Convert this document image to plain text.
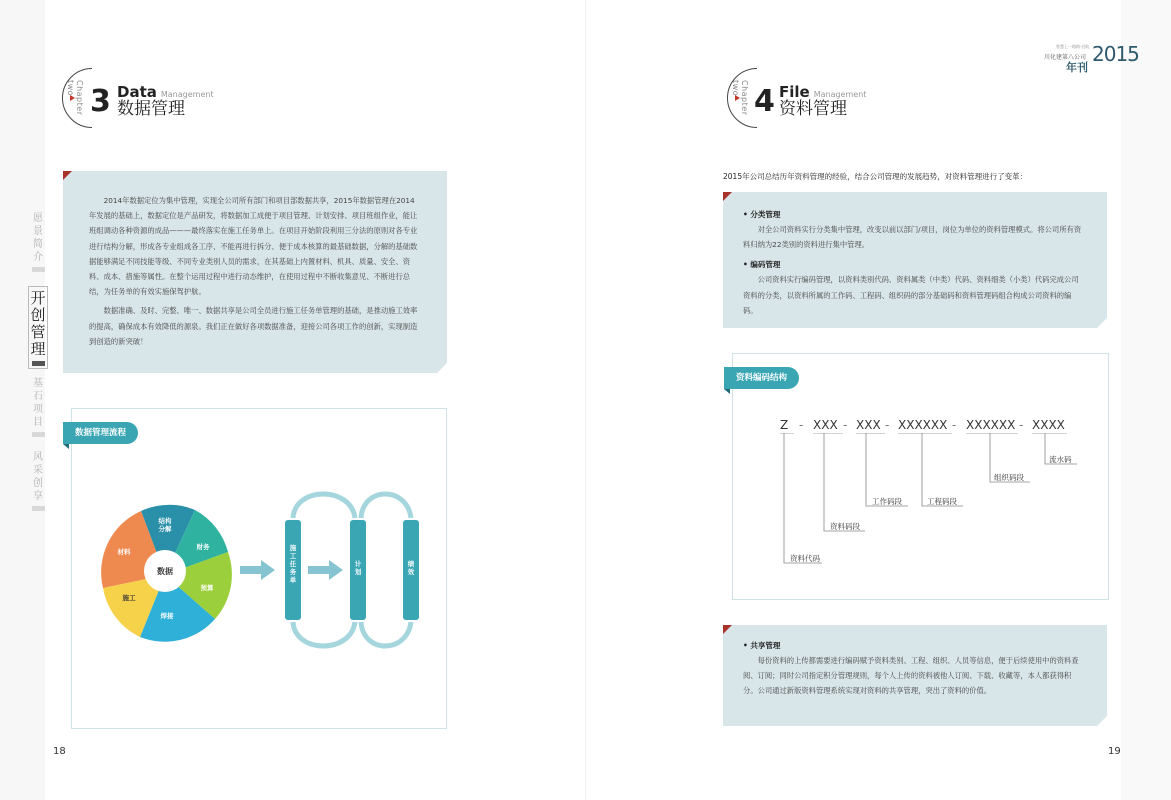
愿
景
简
介
开
创
管
理
基
石
项
目
风
采
创
享
智慧上一路路·启航
川化建第八公司
年刊
2015
Chapter two 3 Data Management
数据管理

2014年数据定位为集中管理，实现全公司所有部门和项目部数据共享，2015年数据管理在2014年发展的基础上，数据定位是产品研发，将数据加工成便于项目管理、计划安排、项目班组作业，能让班组调动各种资源的成品———最终落实在施工任务单上。在项目开始阶段利用三分法的原则对各专业进行结构分解，形成各专业组成各工序、不能再进行拆分、便于成本核算的最基础数据，分解的基础数据能够满足不同技能等级、不同专业类别人员的需求，在其基础上内置材料、机具、质量、安全、资料、成本、措施等属性。在整个运用过程中进行动态维护，在使用过程中不断收集意见、不断进行总结，为任务单的有效实施保驾护航。

数据准确、及时、完整、唯一、数据共享是公司全员进行施工任务单管理的基础，是推动施工效率的提高，确保成本有效降低的源泉。我们正在做好各项数据准备，迎接公司各项工作的创新，实现制造到创造的新突破！

数据管理流程
数据
结构分解
财务
预算
焊接
施工
材料	施工任务单
计划
绩效
18
Chapter two 4 File Management
资料管理
2015年公司总结历年资料管理的经验，结合公司管理的发展趋势，对资料管理进行了变革：

• 分类管理

对全公司资料实行分类集中管理，改变以前以部门/项目，岗位为单位的资料管理模式。将公司所有资料归纳为22类别的资料进行集中管理。

• 编码管理

公司资料实行编码管理，以资料类别代码、资料属类（中类）代码、资料细类（小类）代码完成公司资料的分类，以资料所属的工作码、工程码、组织码的部分基础码和资料管理码组合构成公司资料的编码。

资料编码结构
Z - XXX - XXX - XXXXXX - XXXXXX - XXXX
资料代码
资料码段
工作码段	工程码段
组织码段
流水码

• 共享管理

每份资料的上传都需要进行编码赋予资料类别、工程、组织、人员等信息，便于后续使用中的资料查阅、订阅；同时公司指定积分管理规则，每个人上传的资料被他人订阅、下载、收藏等，本人都获得积分。公司通过新版资料管理系统实现对资料的共享管理，突出了资料的价值。

19
